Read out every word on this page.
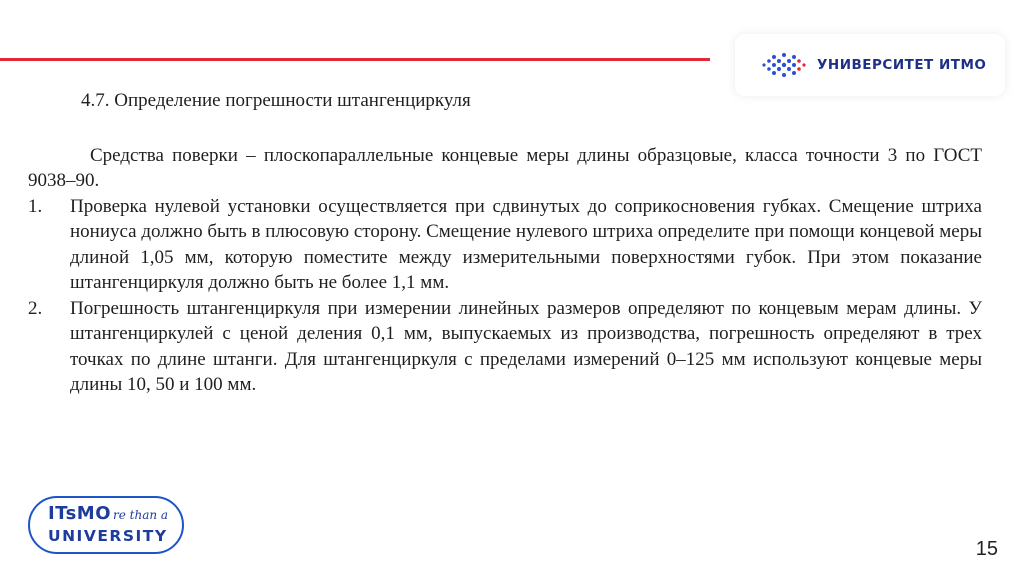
УНИВЕРСИТЕТ ИТМО

4.7. Определение погрешности штангенциркуля

Средства поверки – плоскопараллельные концевые меры длины образцовые, класса точности 3 по ГОСТ 9038–90.

1. Проверка нулевой установки осуществляется при сдвинутых до соприкосновения губках. Смещение штриха нониуса должно быть в плюсовую сторону. Смещение нулевого штриха определите при помощи концевой меры длиной 1,05 мм, которую поместите между измерительными поверхностями губок. При этом показание штангенциркуля должно быть не более 1,1 мм.
2. Погрешность штангенциркуля при измерении линейных размеров определяют по концевым мерам длины. У штангенциркулей с ценой деления 0,1 мм, выпускаемых из производства, погрешность определяют в трех точках по длине штанги. Для штангенциркуля с пределами измерений 0–125 мм используют концевые меры длины 10, 50 и 100 мм.
ITsMO re than a
UNIVERSITY
15
